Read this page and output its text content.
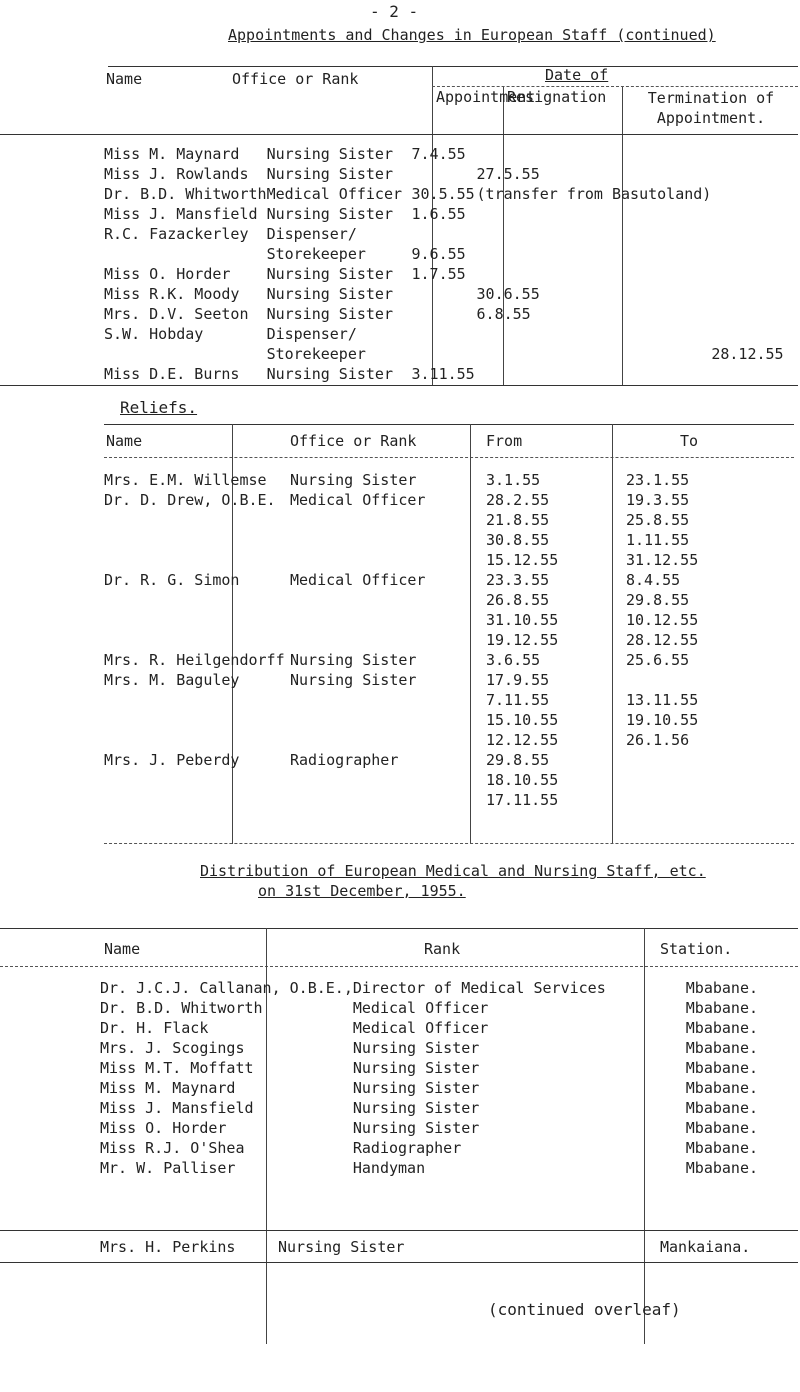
- 2 -
Appointments and Changes in European Staff (continued)
Name	Office or Rank	Date of
Appointment
Resignation	Termination of Appointment.
Miss M. Maynard	Nursing Sister	7.4.55		
Miss J. Rowlands	Nursing Sister		27.5.55	
Dr. B.D. Whitworth	Medical Officer	30.5.55	(transfer from Basutoland)	
Miss J. Mansfield	Nursing Sister	1.6.55		
R.C. Fazackerley	Dispenser/			
	Storekeeper	9.6.55		
Miss O. Horder	Nursing Sister	1.7.55		
Miss R.K. Moody	Nursing Sister		30.6.55	
Mrs. D.V. Seeton	Nursing Sister		6.8.55	
S.W. Hobday	Dispenser/			
	Storekeeper			28.12.55
Miss D.E. Burns	Nursing Sister	3.11.55		
Reliefs.
Name	Office or Rank	From	To
Mrs. E.M. Willemse	Nursing Sister	3.1.55	23.1.55
Dr. D. Drew, O.B.E.	Medical Officer	28.2.55	19.3.55
		21.8.55	25.8.55
		30.8.55	1.11.55
		15.12.55	31.12.55
Dr. R. G. Simon	Medical Officer	23.3.55	8.4.55
		26.8.55	29.8.55
		31.10.55	10.12.55
		19.12.55	28.12.55
Mrs. R. Heilgendorff	Nursing Sister	3.6.55	25.6.55
Mrs. M. Baguley	Nursing Sister	17.9.55	
		7.11.55	13.11.55
		15.10.55	19.10.55
		12.12.55	26.1.56
Mrs. J. Peberdy	Radiographer	29.8.55	
		18.10.55	
		17.11.55	
Distribution of European Medical and Nursing Staff, etc.
on 31st December, 1955.
Name	Rank	Station.
Dr. J.C.J. Callanan, O.B.E.,	Director of Medical Services	Mbabane.
Dr. B.D. Whitworth	Medical Officer	Mbabane.
Dr. H. Flack	Medical Officer	Mbabane.
Mrs. J. Scogings	Nursing Sister	Mbabane.
Miss M.T. Moffatt	Nursing Sister	Mbabane.
Miss M. Maynard	Nursing Sister	Mbabane.
Miss J. Mansfield	Nursing Sister	Mbabane.
Miss O. Horder	Nursing Sister	Mbabane.
Miss R.J. O'Shea	Radiographer	Mbabane.
Mr. W. Palliser	Handyman	Mbabane.
Mrs. H. Perkins	Nursing Sister	Mankaiana.
(continued overleaf)
